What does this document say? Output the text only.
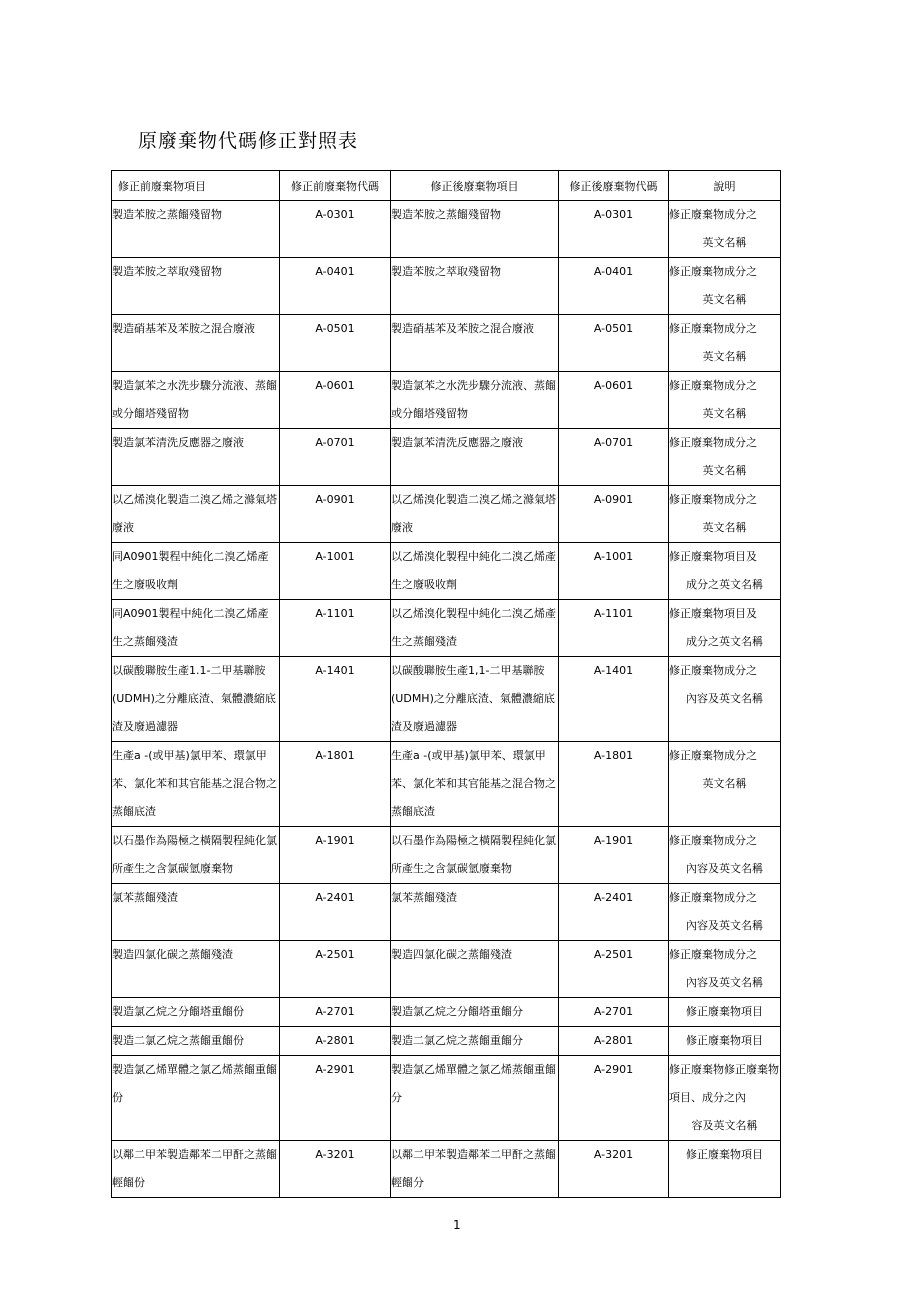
原廢棄物代碼修正對照表
修正前廢棄物項目	修正前廢棄物代碼	修正後廢棄物項目	修正後廢棄物代碼	說明
製造苯胺之蒸餾殘留物	A-0301	製造苯胺之蒸餾殘留物	A-0301	修正廢棄物成分之
英文名稱

製造苯胺之萃取殘留物	A-0401	製造苯胺之萃取殘留物	A-0401	修正廢棄物成分之
英文名稱

製造硝基苯及苯胺之混合廢液	A-0501	製造硝基苯及苯胺之混合廢液	A-0501	修正廢棄物成分之
英文名稱

製造氯苯之水洗步驟分流液、蒸餾或分餾塔殘留物	A-0601	製造氯苯之水洗步驟分流液、蒸餾或分餾塔殘留物	A-0601	修正廢棄物成分之
英文名稱

製造氯苯清洗反應器之廢液	A-0701	製造氯苯清洗反應器之廢液	A-0701	修正廢棄物成分之
英文名稱

以乙烯溴化製造二溴乙烯之滌氣塔廢液	A-0901	以乙烯溴化製造二溴乙烯之滌氣塔廢液	A-0901	修正廢棄物成分之
英文名稱

同A0901製程中純化二溴乙烯產生之廢吸收劑	A-1001	以乙烯溴化製程中純化二溴乙烯產生之廢吸收劑	A-1001	修正廢棄物項目及
成分之英文名稱

同A0901製程中純化二溴乙烯產生之蒸餾殘渣	A-1101	以乙烯溴化製程中純化二溴乙烯產生之蒸餾殘渣	A-1101	修正廢棄物項目及
成分之英文名稱

以碳酸聯胺生產1.1-二甲基聯胺(UDMH)之分離底渣、氣體濃縮底渣及廢過濾器	A-1401	以碳酸聯胺生產1,1-二甲基聯胺(UDMH)之分離底渣、氣體濃縮底渣及廢過濾器	A-1401	修正廢棄物成分之
內容及英文名稱

生產a -(或甲基)氯甲苯、環氯甲苯、氯化苯和其官能基之混合物之蒸餾底渣	A-1801	生產a -(或甲基)氯甲苯、環氯甲苯、氯化苯和其官能基之混合物之蒸餾底渣	A-1801	修正廢棄物成分之
英文名稱

以石墨作為陽極之橫隔製程純化氯所產生之含氯碳氫廢棄物	A-1901	以石墨作為陽極之橫隔製程純化氯所產生之含氯碳氫廢棄物	A-1901	修正廢棄物成分之
內容及英文名稱

氯苯蒸餾殘渣	A-2401	氯苯蒸餾殘渣	A-2401	修正廢棄物成分之
內容及英文名稱

製造四氯化碳之蒸餾殘渣	A-2501	製造四氯化碳之蒸餾殘渣	A-2501	修正廢棄物成分之
內容及英文名稱

製造氯乙烷之分餾塔重餾份	A-2701	製造氯乙烷之分餾塔重餾分	A-2701	修正廢棄物項目

製造二氯乙烷之蒸餾重餾份	A-2801	製造二氯乙烷之蒸餾重餾分	A-2801	修正廢棄物項目

製造氯乙烯單體之氯乙烯蒸餾重餾份	A-2901	製造氯乙烯單體之氯乙烯蒸餾重餾分	A-2901	修正廢棄物修正廢棄物項目、成分之內
容及英文名稱

以鄰二甲苯製造鄰苯二甲酐之蒸餾輕餾份	A-3201	以鄰二甲苯製造鄰苯二甲酐之蒸餾輕餾分	A-3201	修正廢棄物項目
1
